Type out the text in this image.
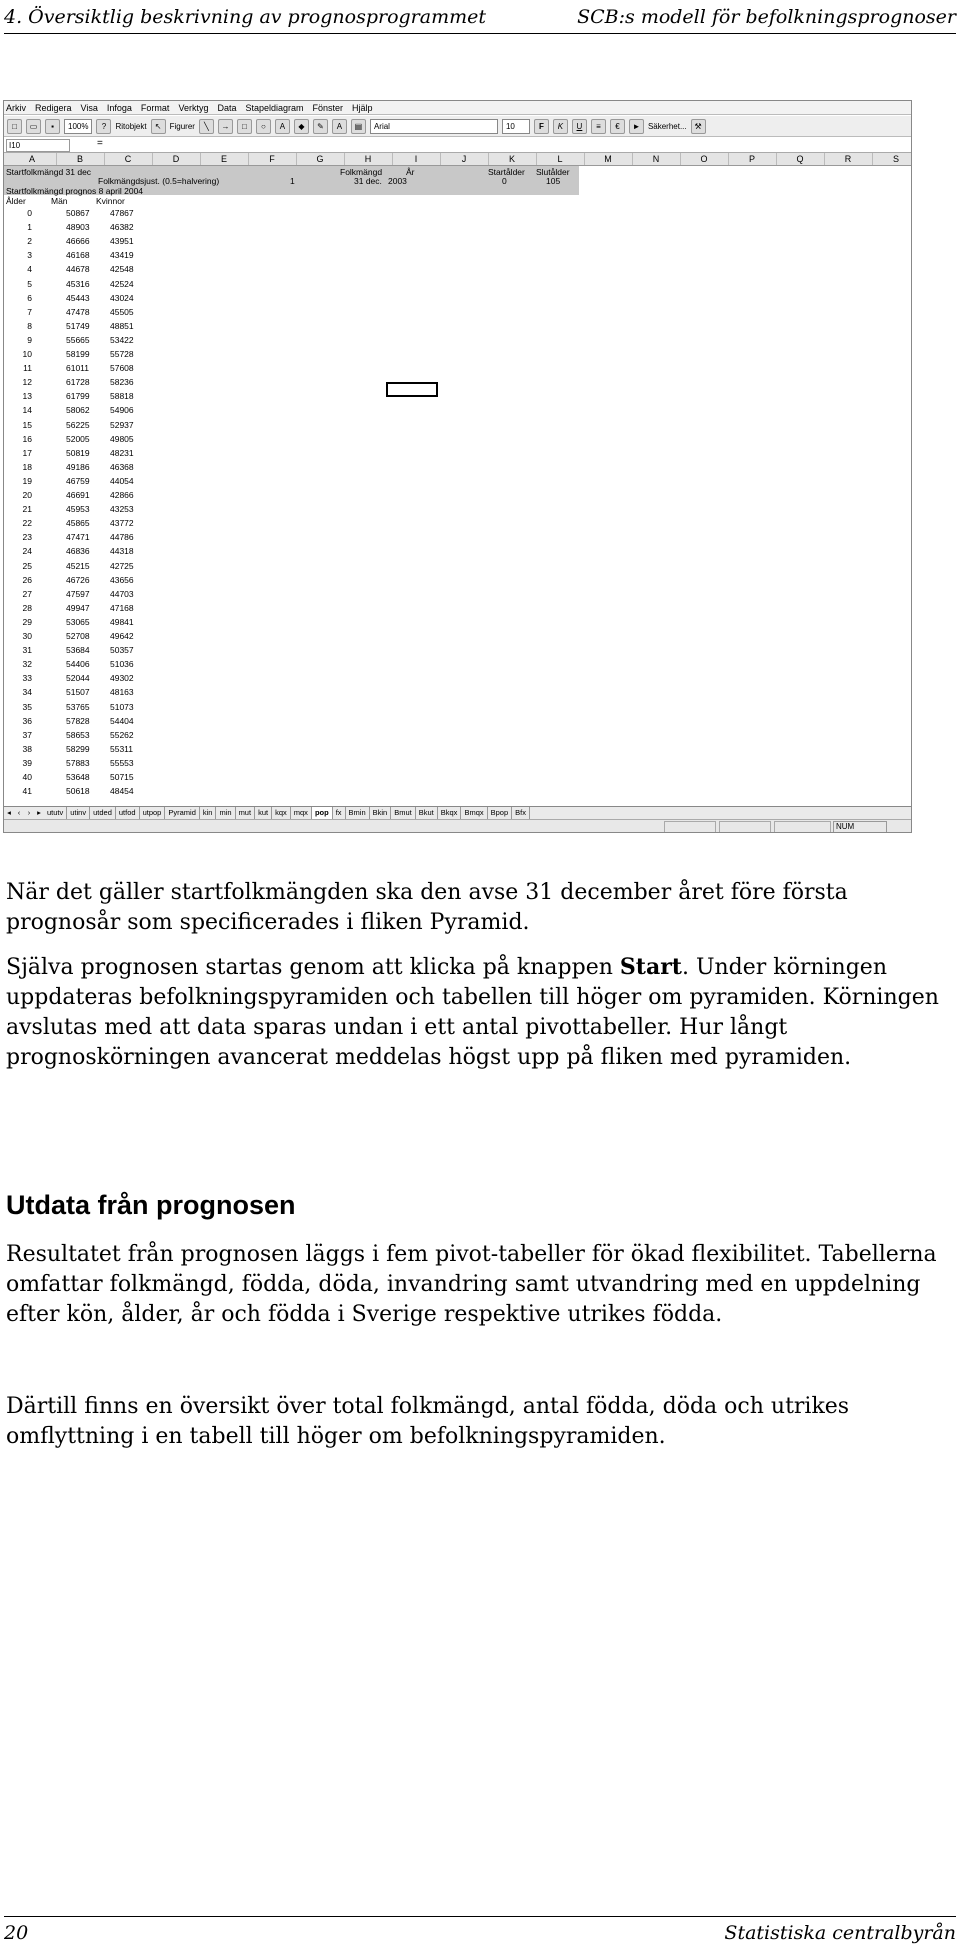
4. Översiktlig beskrivning av prognosprogrammet	SCB:s modell för befolkningsprognoser
Arkiv Redigera Visa Infoga Format Verktyg Data Stapeldiagram Fönster Hjälp
□	▭	▪	100%	?	Ritobjekt	↖	Figurer	╲	→	□	○	A	◆	✎	A	▤	Arial	10	F	K	U	≡	€	► Säkerhet... ⚒
I10	=
A	B	C	D	E	F	G	H	I	J	K	L	M	N	O	P	Q	R	S
Startfolkmängd 31 dec	Folkmängd	År	Startålder Slutålder
Folkmängdsjust. (0.5=halvering)	1	31 dec. 2003	0	105
Startfolkmängd prognos 8 april 2004
Ålder	Män	Kvinnor
0	50867 47867
1	48903 46382
2	46666 43951
3	46168 43419
4	44678 42548
5	45316 42524
6	45443 43024
7	47478 45505
8	51749 48851
9	55665 53422
10	58199 55728
11	61011 57608
12	61728 58236
13	61799 58818
14	58062 54906
15	56225 52937
16	52005 49805
17	50819 48231
18	49186 46368
19	46759 44054
20	46691 42866
21	45953 43253
22	45865 43772
23	47471 44786
24	46836 44318
25	45215 42725
26	46726 43656
27	47597 44703
28	49947 47168
29	53065 49841
30	52708 49642
31	53684 50357
32	54406 51036
33	52044 49302
34	51507 48163
35	53765 51073
36	57828 54404
37	58653 55262
38	58299 55311
39	57883 55553
40	53648 50715
41	50618 48454
◂ ‹ › ▸ ututv utinv utded utfod utpop Pyramid kin min mut kut kqx mqx pop fx Bmin Bkin Bmut Bkut Bkqx Bmqx Bpop Bfx
NUM

När det gäller startfolkmängden ska den avse 31 december året före första prognosår som specificerades i fliken Pyramid.

Själva prognosen startas genom att klicka på knappen Start. Under körningen uppdateras befolkningspyramiden och tabellen till höger om pyramiden. Körningen avslutas med att data sparas undan i ett antal pivottabeller. Hur långt prognoskörningen avancerat meddelas högst upp på fliken med pyramiden.

Utdata från prognosen

Resultatet från prognosen läggs i fem pivot-tabeller för ökad flexibilitet. Tabellerna omfattar folkmängd, födda, döda, invandring samt utvandring med en uppdelning efter kön, ålder, år och födda i Sverige respektive utrikes födda.

Därtill finns en översikt över total folkmängd, antal födda, döda och utrikes omflyttning i en tabell till höger om befolkningspyramiden.

20	Statistiska centralbyrån
